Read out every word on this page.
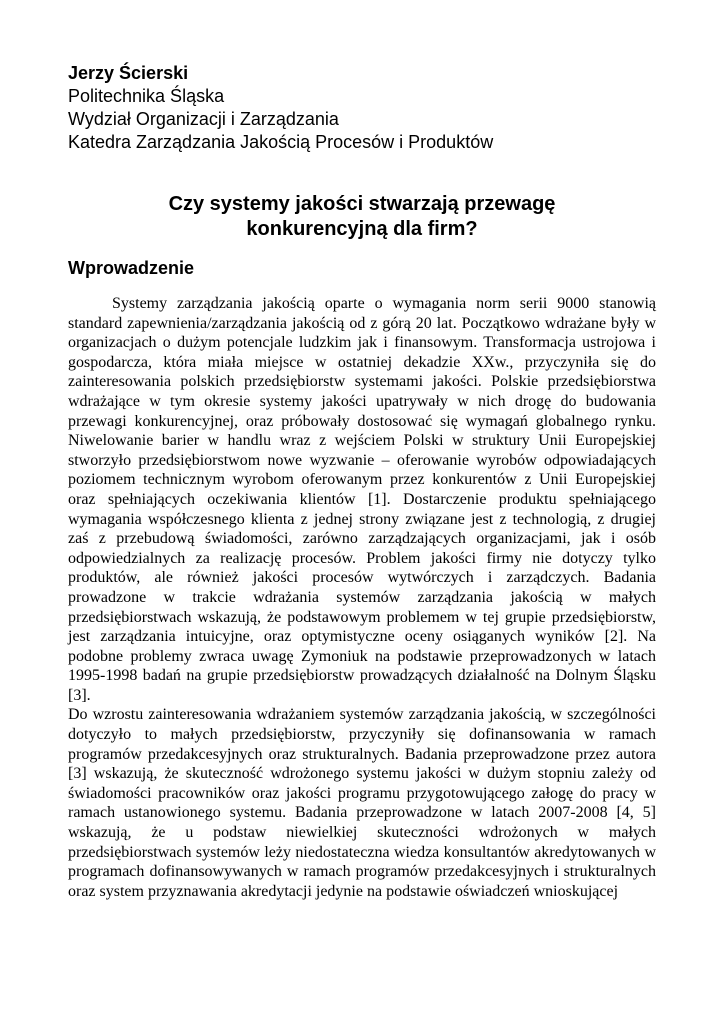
Jerzy Ścierski
Politechnika Śląska
Wydział Organizacji i Zarządzania
Katedra Zarządzania Jakością Procesów i Produktów
Czy systemy jakości stwarzają przewagę
konkurencyjną dla firm?
Wprowadzenie

Systemy zarządzania jakością oparte o wymagania norm serii 9000 stanowią standard zapewnienia/zarządzania jakością od z górą 20 lat. Początkowo wdrażane były w organizacjach o dużym potencjale ludzkim jak i finansowym. Transformacja ustrojowa i gospodarcza, która miała miejsce w ostatniej dekadzie XXw., przyczyniła się do zainteresowania polskich przedsiębiorstw systemami jakości. Polskie przedsiębiorstwa wdrażające w tym okresie systemy jakości upatrywały w nich drogę do budowania przewagi konkurencyjnej, oraz próbowały dostosować się wymagań globalnego rynku. Niwelowanie barier w handlu wraz z wejściem Polski w struktury Unii Europejskiej stworzyło przedsiębiorstwom nowe wyzwanie – oferowanie wyrobów odpowiadających poziomem technicznym wyrobom oferowanym przez konkurentów z Unii Europejskiej oraz spełniających oczekiwania klientów [1]. Dostarczenie produktu spełniającego wymagania współczesnego klienta z jednej strony związane jest z technologią, z drugiej zaś z przebudową świadomości, zarówno zarządzających organizacjami, jak i osób odpowiedzialnych za realizację procesów. Problem jakości firmy nie dotyczy tylko produktów, ale również jakości procesów wytwórczych i zarządczych. Badania prowadzone w trakcie wdrażania systemów zarządzania jakością w małych przedsiębiorstwach wskazują, że podstawowym problemem w tej grupie przedsiębiorstw, jest zarządzania intuicyjne, oraz optymistyczne oceny osiąganych wyników [2]. Na podobne problemy zwraca uwagę Zymoniuk na podstawie przeprowadzonych w latach 1995-1998 badań na grupie przedsiębiorstw prowadzących działalność na Dolnym Śląsku [3].

Do wzrostu zainteresowania wdrażaniem systemów zarządzania jakością, w szczególności dotyczyło to małych przedsiębiorstw, przyczyniły się dofinansowania w ramach programów przedakcesyjnych oraz strukturalnych. Badania przeprowadzone przez autora [3] wskazują, że skuteczność wdrożonego systemu jakości w dużym stopniu zależy od świadomości pracowników oraz jakości programu przygotowującego załogę do pracy w ramach ustanowionego systemu. Badania przeprowadzone w latach 2007-2008 [4, 5] wskazują, że u podstaw niewielkiej skuteczności wdrożonych w małych przedsiębiorstwach systemów leży niedostateczna wiedza konsultantów akredytowanych w programach dofinansowywanych w ramach programów przedakcesyjnych i strukturalnych oraz system przyznawania akredytacji jedynie na podstawie oświadczeń wnioskującej
